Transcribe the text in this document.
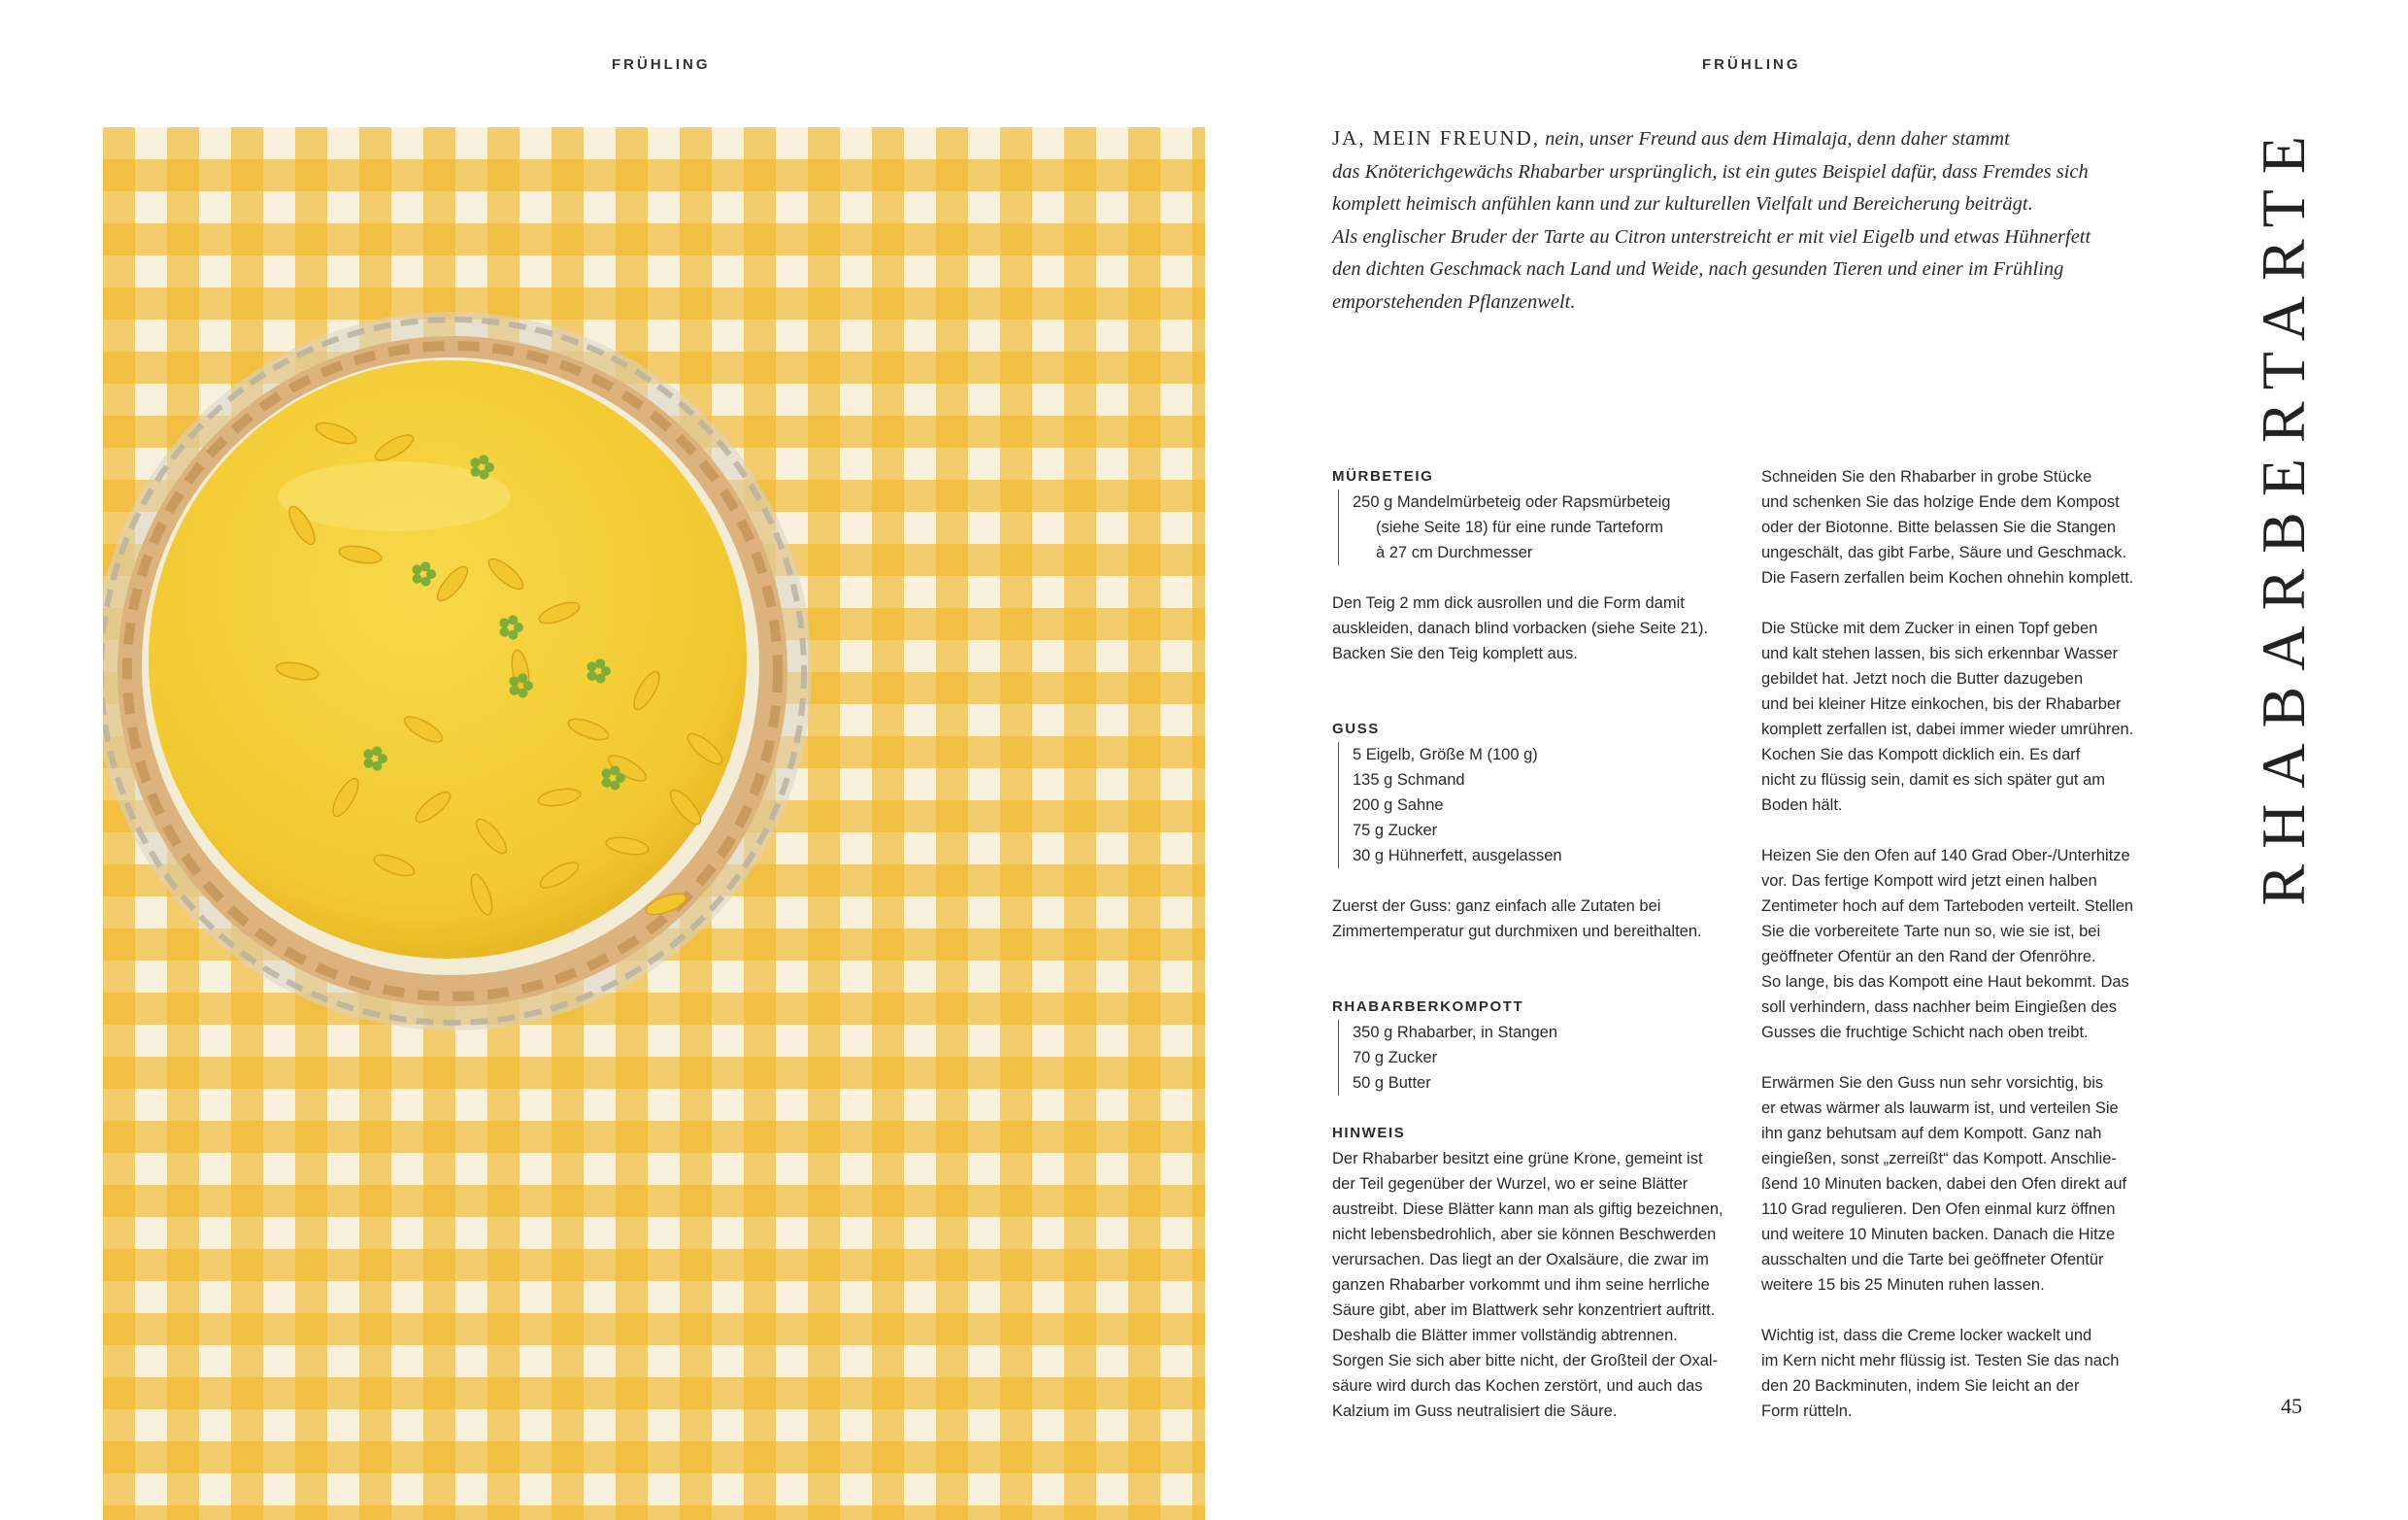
FRÜHLING	FRÜHLING
JA, MEIN FREUND, nein, unser Freund aus dem Himalaja, denn daher stammt
das Knöterichgewächs Rhabarber ursprünglich, ist ein gutes Beispiel dafür, dass Fremdes sich
komplett heimisch anfühlen kann und zur kulturellen Vielfalt und Bereicherung beiträgt.
Als englischer Bruder der Tarte au Citron unterstreicht er mit viel Eigelb und etwas Hühnerfett
den dichten Geschmack nach Land und Weide, nach gesunden Tieren und einer im Frühling
emporstehenden Pflanzenwelt.	RHABARBERTARTE
MÜRBETEIG
250 g Mandelmürbeteig oder Rapsmürbeteig
(siehe Seite 18) für eine runde Tarteform
à 27 cm Durchmesser

Den Teig 2 mm dick ausrollen und die Form damit

auskleiden, danach blind vorbacken (siehe Seite 21).

Backen Sie den Teig komplett aus.

GUSS
5 Eigelb, Größe M (100 g)
135 g Schmand
200 g Sahne
75 g Zucker
30 g Hühnerfett, ausgelassen

Zuerst der Guss: ganz einfach alle Zutaten bei

Zimmertemperatur gut durchmixen und bereithalten.

RHABARBERKOMPOTT
350 g Rhabarber, in Stangen
70 g Zucker
50 g Butter
HINWEIS

Der Rhabarber besitzt eine grüne Krone, gemeint ist

der Teil gegenüber der Wurzel, wo er seine Blätter

austreibt. Diese Blätter kann man als giftig bezeichnen,

nicht lebensbedrohlich, aber sie können Beschwerden

verursachen. Das liegt an der Oxalsäure, die zwar im

ganzen Rhabarber vorkommt und ihm seine herrliche

Säure gibt, aber im Blattwerk sehr konzentriert auftritt.

Deshalb die Blätter immer vollständig abtrennen.

Sorgen Sie sich aber bitte nicht, der Großteil der Oxal-

säure wird durch das Kochen zerstört, und auch das

Kalzium im Guss neutralisiert die Säure.

Schneiden Sie den Rhabarber in grobe Stücke

und schenken Sie das holzige Ende dem Kompost

oder der Biotonne. Bitte belassen Sie die Stangen

ungeschält, das gibt Farbe, Säure und Geschmack.

Die Fasern zerfallen beim Kochen ohnehin komplett.

Die Stücke mit dem Zucker in einen Topf geben

und kalt stehen lassen, bis sich erkennbar Wasser

gebildet hat. Jetzt noch die Butter dazugeben

und bei kleiner Hitze einkochen, bis der Rhabarber

komplett zerfallen ist, dabei immer wieder umrühren.

Kochen Sie das Kompott dicklich ein. Es darf

nicht zu flüssig sein, damit es sich später gut am

Boden hält.

Heizen Sie den Ofen auf 140 Grad Ober-/Unterhitze

vor. Das fertige Kompott wird jetzt einen halben

Zentimeter hoch auf dem Tarteboden verteilt. Stellen

Sie die vorbereitete Tarte nun so, wie sie ist, bei

geöffneter Ofentür an den Rand der Ofenröhre.

So lange, bis das Kompott eine Haut bekommt. Das

soll verhindern, dass nachher beim Eingießen des

Gusses die fruchtige Schicht nach oben treibt.

Erwärmen Sie den Guss nun sehr vorsichtig, bis

er etwas wärmer als lauwarm ist, und verteilen Sie

ihn ganz behutsam auf dem Kompott. Ganz nah

eingießen, sonst „zerreißt“ das Kompott. Anschlie-

ßend 10 Minuten backen, dabei den Ofen direkt auf

110 Grad regulieren. Den Ofen einmal kurz öffnen

und weitere 10 Minuten backen. Danach die Hitze

ausschalten und die Tarte bei geöffneter Ofentür

weitere 15 bis 25 Minuten ruhen lassen.

Wichtig ist, dass die Creme locker wackelt und

im Kern nicht mehr flüssig ist. Testen Sie das nach

den 20 Backminuten, indem Sie leicht an der

Form rütteln.	45
